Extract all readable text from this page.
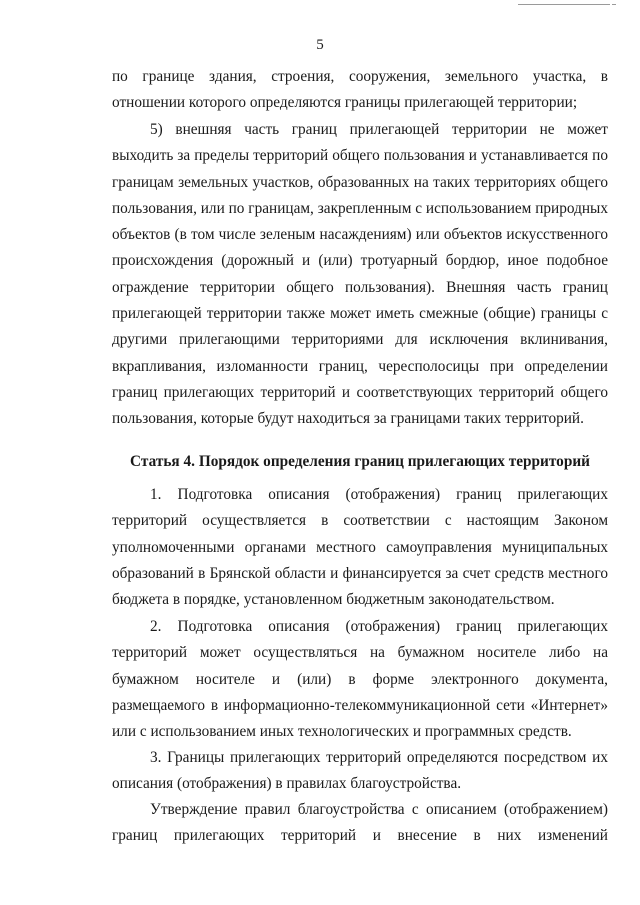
5
по границе здания, строения, сооружения, земельного участка, в отношении которого определяются границы прилегающей территории;
5) внешняя часть границ прилегающей территории не может выходить за пределы территорий общего пользования и устанавливается по границам земельных участков, образованных на таких территориях общего пользования, или по границам, закрепленным с использованием природных объектов (в том числе зеленым насаждениям) или объектов искусственного происхождения (дорожный и (или) тротуарный бордюр, иное подобное ограждение территории общего пользования). Внешняя часть границ прилегающей территории также может иметь смежные (общие) границы с другими прилегающими территориями для исключения вклинивания, вкрапливания, изломанности границ, чересполосицы при определении границ прилегающих территорий и соответствующих территорий общего пользования, которые будут находиться за границами таких территорий.
Статья 4. Порядок определения границ прилегающих территорий
1. Подготовка описания (отображения) границ прилегающих территорий осуществляется в соответствии с настоящим Законом уполномоченными органами местного самоуправления муниципальных образований в Брянской области и финансируется за счет средств местного бюджета в порядке, установленном бюджетным законодательством.
2. Подготовка описания (отображения) границ прилегающих территорий может осуществляться на бумажном носителе либо на бумажном носителе и (или) в форме электронного документа, размещаемого в информационно-телекоммуникационной сети «Интернет» или с использованием иных технологических и программных средств.
3. Границы прилегающих территорий определяются посредством их описания (отображения) в правилах благоустройства.
Утверждение правил благоустройства с описанием (отображением) границ прилегающих территорий и внесение в них изменений
